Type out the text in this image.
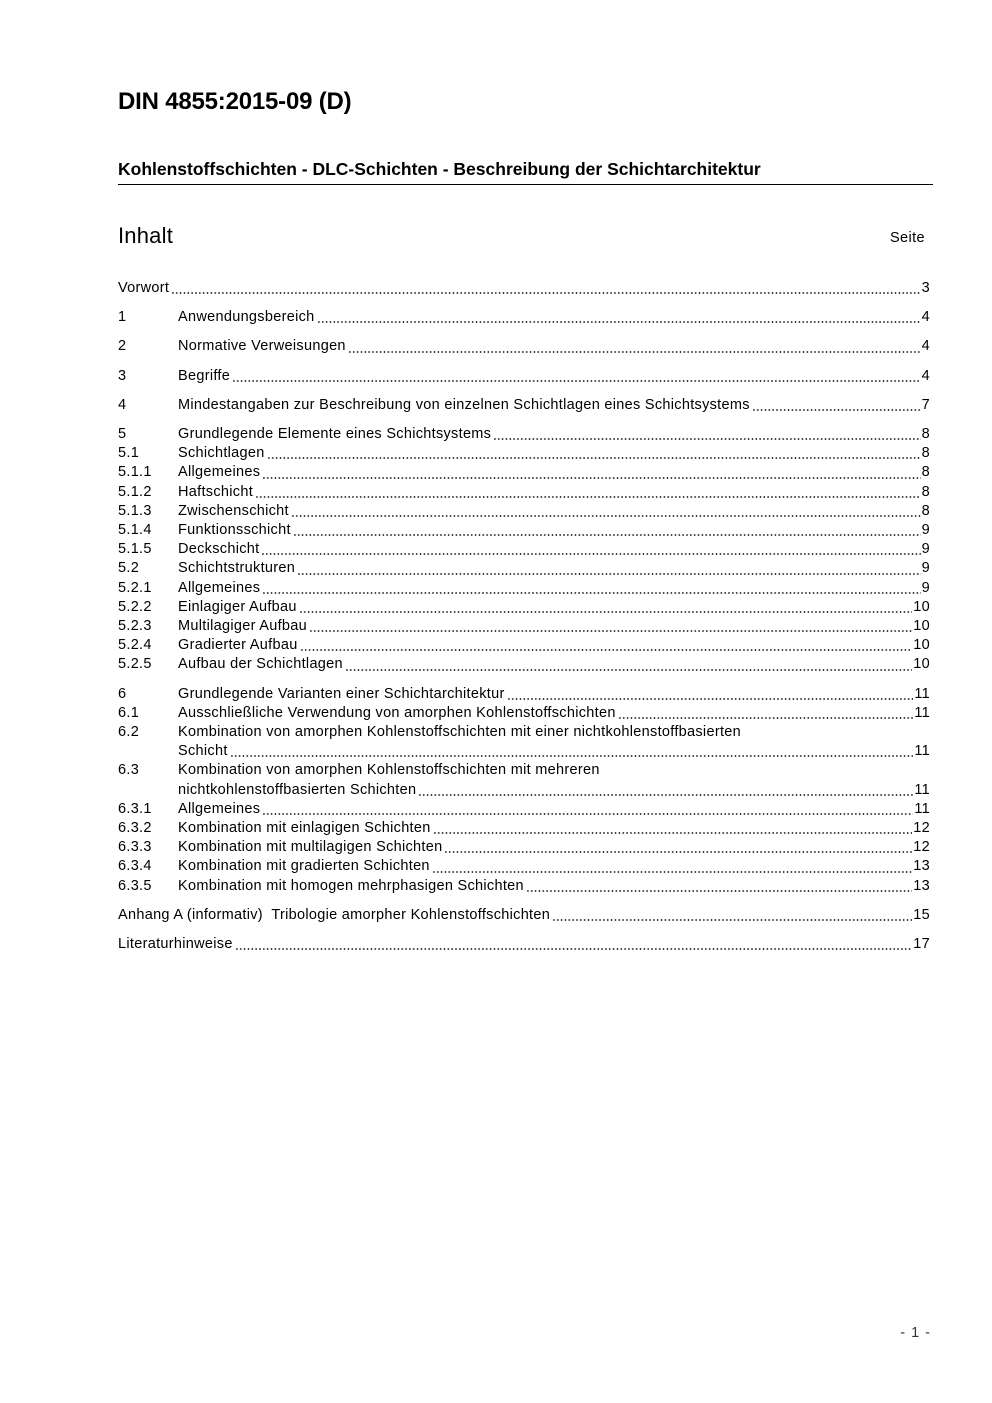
DIN 4855:2015-09 (D)
Kohlenstoffschichten - DLC-Schichten - Beschreibung der Schichtarchitektur
Inhalt	Seite
Vorwort	3
1	Anwendungsbereich	4
2	Normative Verweisungen	4
3	Begriffe	4
4	Mindestangaben zur Beschreibung von einzelnen Schichtlagen eines Schichtsystems	7
5	Grundlegende Elemente eines Schichtsystems	8
5.1	Schichtlagen	8
5.1.1	Allgemeines	8
5.1.2	Haftschicht	8
5.1.3	Zwischenschicht	8
5.1.4	Funktionsschicht	9
5.1.5	Deckschicht	9
5.2	Schichtstrukturen	9
5.2.1	Allgemeines	9
5.2.2	Einlagiger Aufbau	10
5.2.3	Multilagiger Aufbau	10
5.2.4	Gradierter Aufbau	10
5.2.5	Aufbau der Schichtlagen	10
6	Grundlegende Varianten einer Schichtarchitektur	11
6.1	Ausschließliche Verwendung von amorphen Kohlenstoffschichten	11
6.2	Kombination von amorphen Kohlenstoffschichten mit einer nichtkohlenstoffbasierten
Schicht	11
6.3	Kombination von amorphen Kohlenstoffschichten mit mehreren
nichtkohlenstoffbasierten Schichten	11
6.3.1	Allgemeines	11
6.3.2	Kombination mit einlagigen Schichten	12
6.3.3	Kombination mit multilagigen Schichten	12
6.3.4	Kombination mit gradierten Schichten	13
6.3.5	Kombination mit homogen mehrphasigen Schichten	13
Anhang A (informativ)  Tribologie amorpher Kohlenstoffschichten	15
Literaturhinweise	17
- 1 -
